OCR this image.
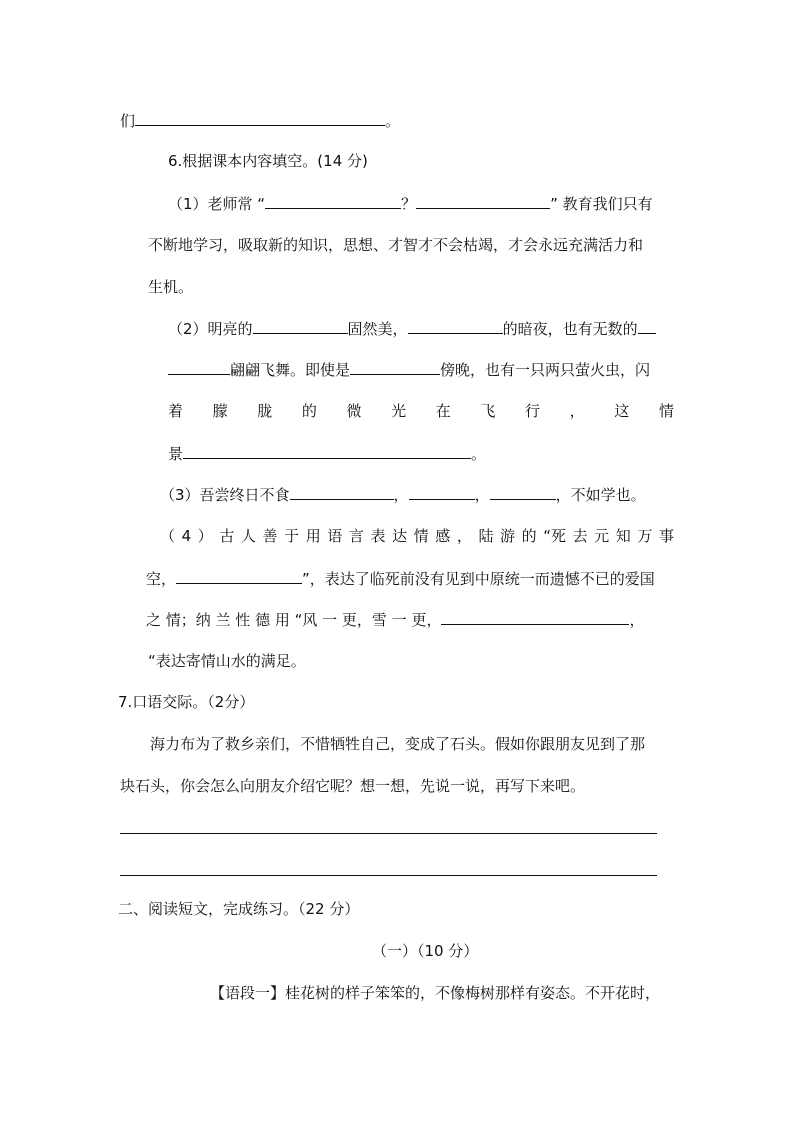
们	。
6.根据课本内容填空。(14 分)
（1）老师常 “	？	” 教育我们只有
不断地学习，吸取新的知识，思想、才智才不会枯竭，才会永远充满活力和
生机。
（2）明亮的	固然美，	的暗夜，也有无数的
翩翩飞舞。即使是	傍晚，也有一只两只萤火虫，闪
着 朦 胧 的 微 光 在 飞 行 ， 这 情
景	。
（3）吾尝终日不食	，	，	，不如学也。
（ 4 ） 古 人 善 于 用 语 言 表 达 情 感 ， 陆 游 的 “死 去 元 知 万 事
空，	”，表达了临死前没有见到中原统一而遗憾不已的爱国
之 情；纳 兰 性 德 用 “风 一 更，雪 一 更，	，
“表达寄情山水的满足。
7.口语交际。（2分）
海力布为了救乡亲们，不惜牺牲自己，变成了石头。假如你跟朋友见到了那
块石头，你会怎么向朋友介绍它呢？想一想，先说一说，再写下来吧。
二、阅读短文，完成练习。（22 分）
（一）（10 分）
【语段一】桂花树的样子笨笨的，不像梅树那样有姿态。不开花时，
